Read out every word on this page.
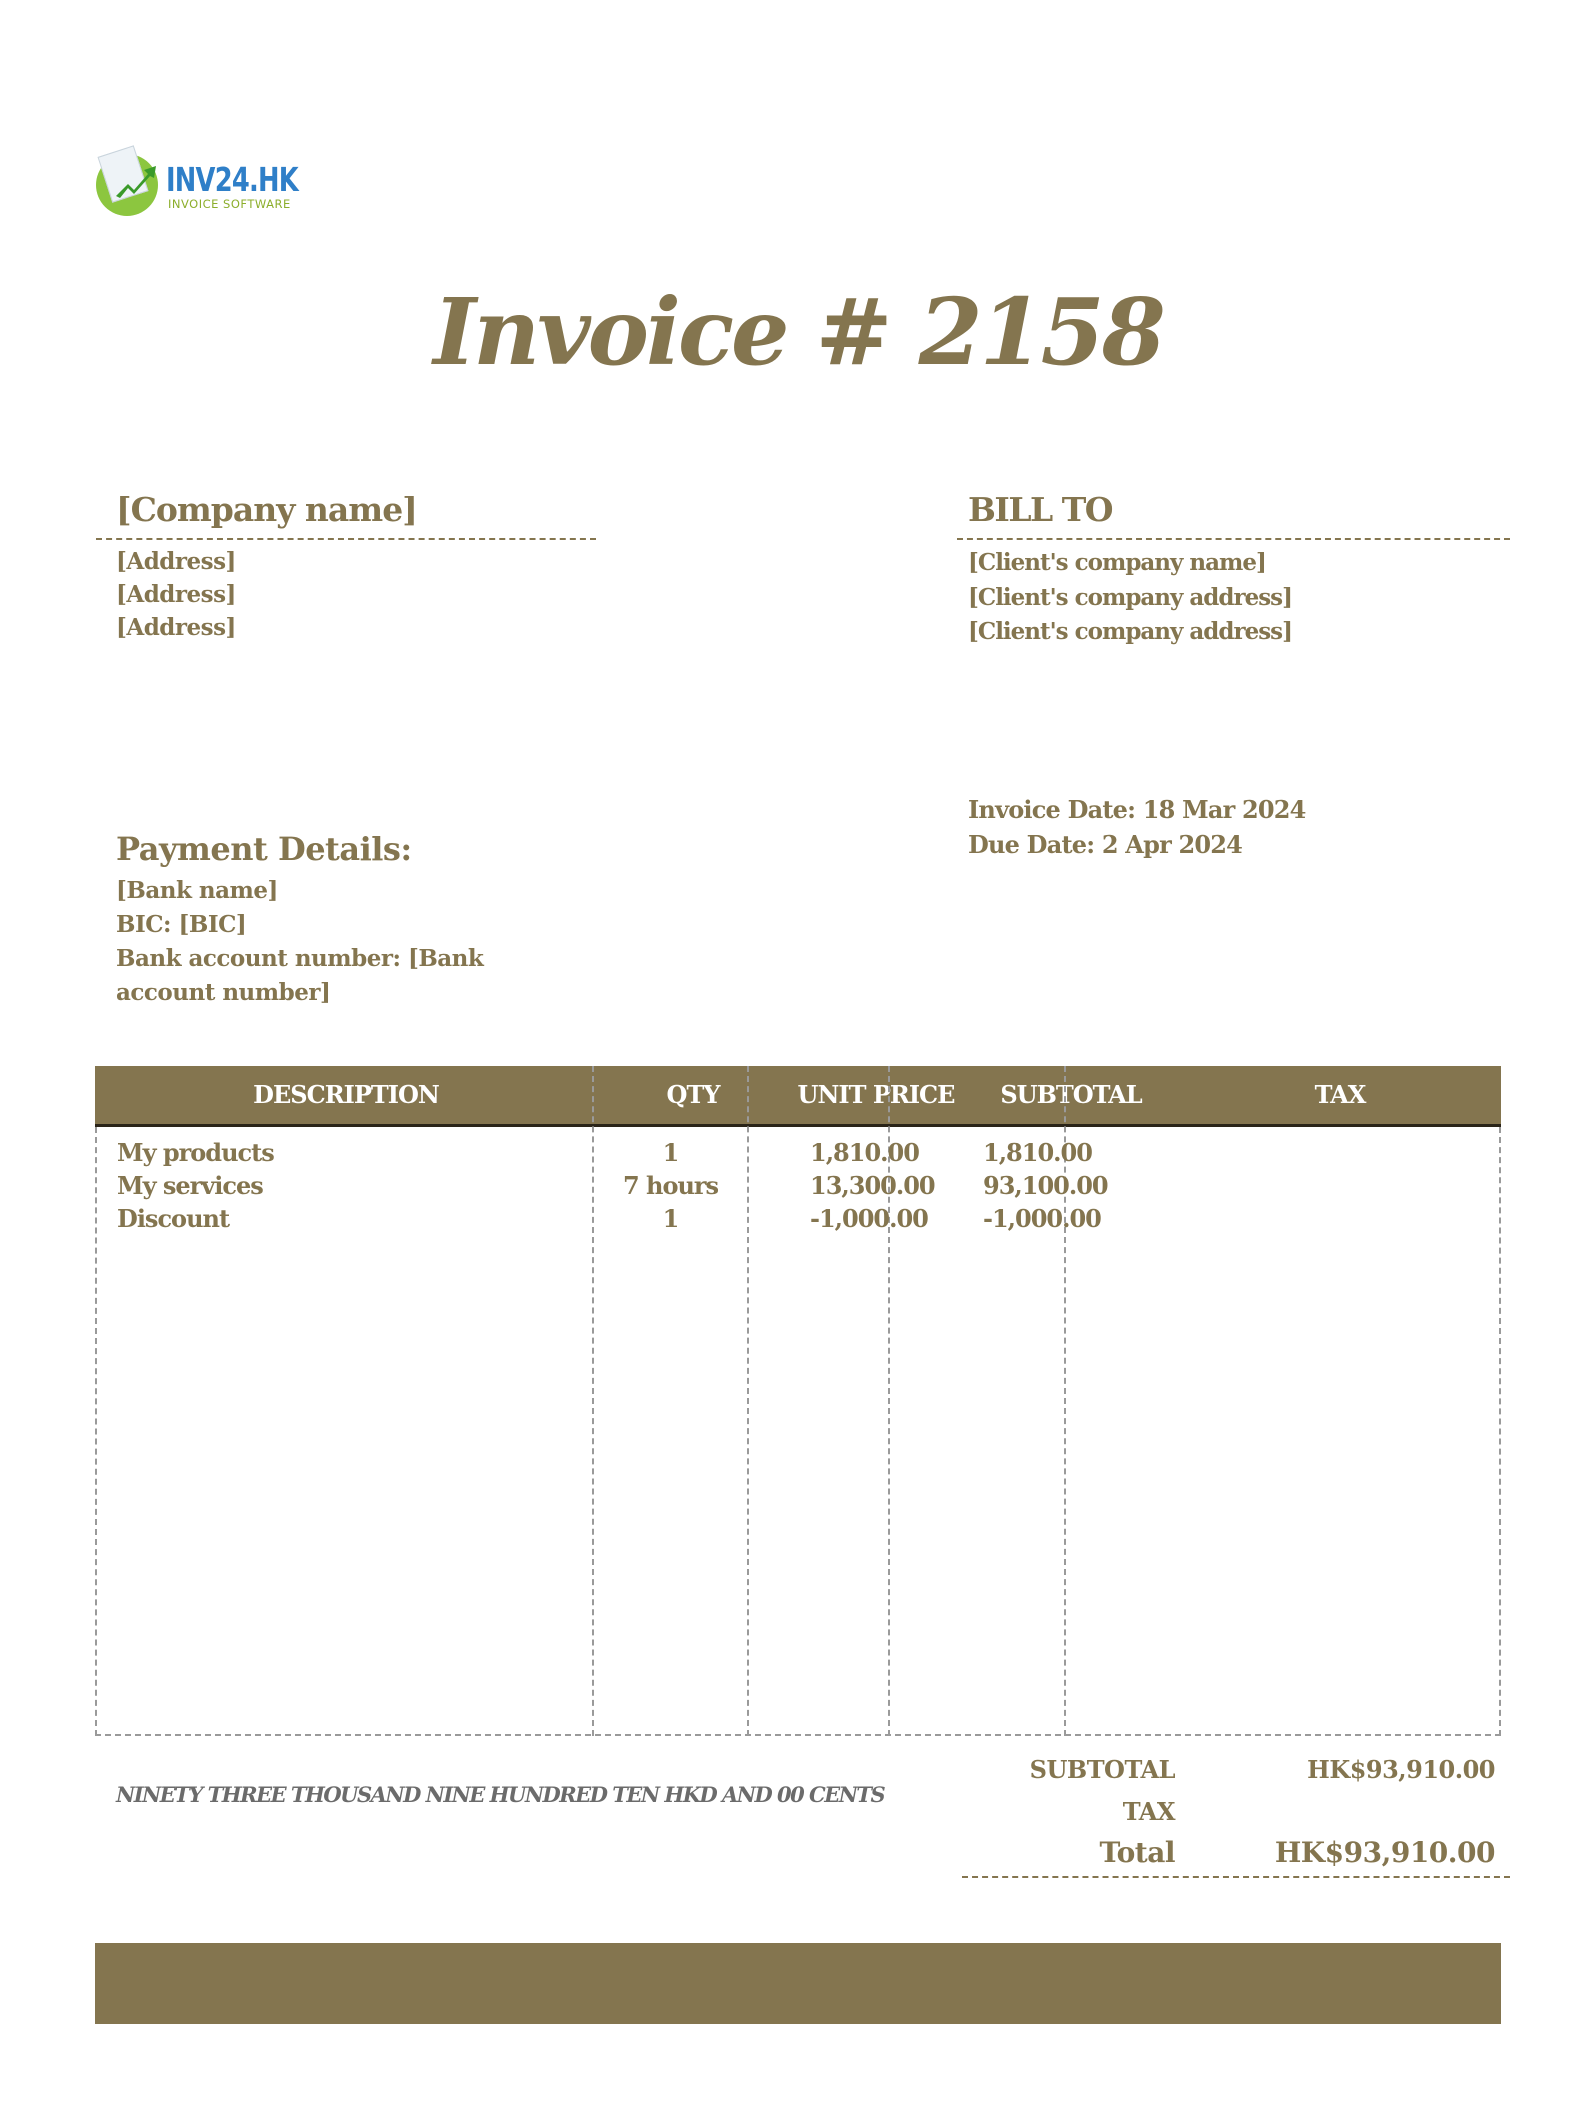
INV24.HK
INVOICE SOFTWARE
Invoice # 2158
[Company name]
[Address]
[Address]
[Address]
BILL TO
[Client's company name]
[Client's company address]
[Client's company address]
Invoice Date: 18 Mar 2024
Due Date: 2 Apr 2024
Payment Details:
[Bank name]
BIC: [BIC]
Bank account number: [Bank account number]
DESCRIPTION	QTY	UNIT PRICE	SUBTOTAL	TAX
My products	1	1,810.00	1,810.00
My services	7 hours	13,300.00 93,100.00
Discount	1	-1,000.00 -1,000.00
NINETY THREE THOUSAND NINE HUNDRED TEN HKD AND 00 CENTS
SUBTOTAL	HK$93,910.00
TAX
Total	HK$93,910.00
